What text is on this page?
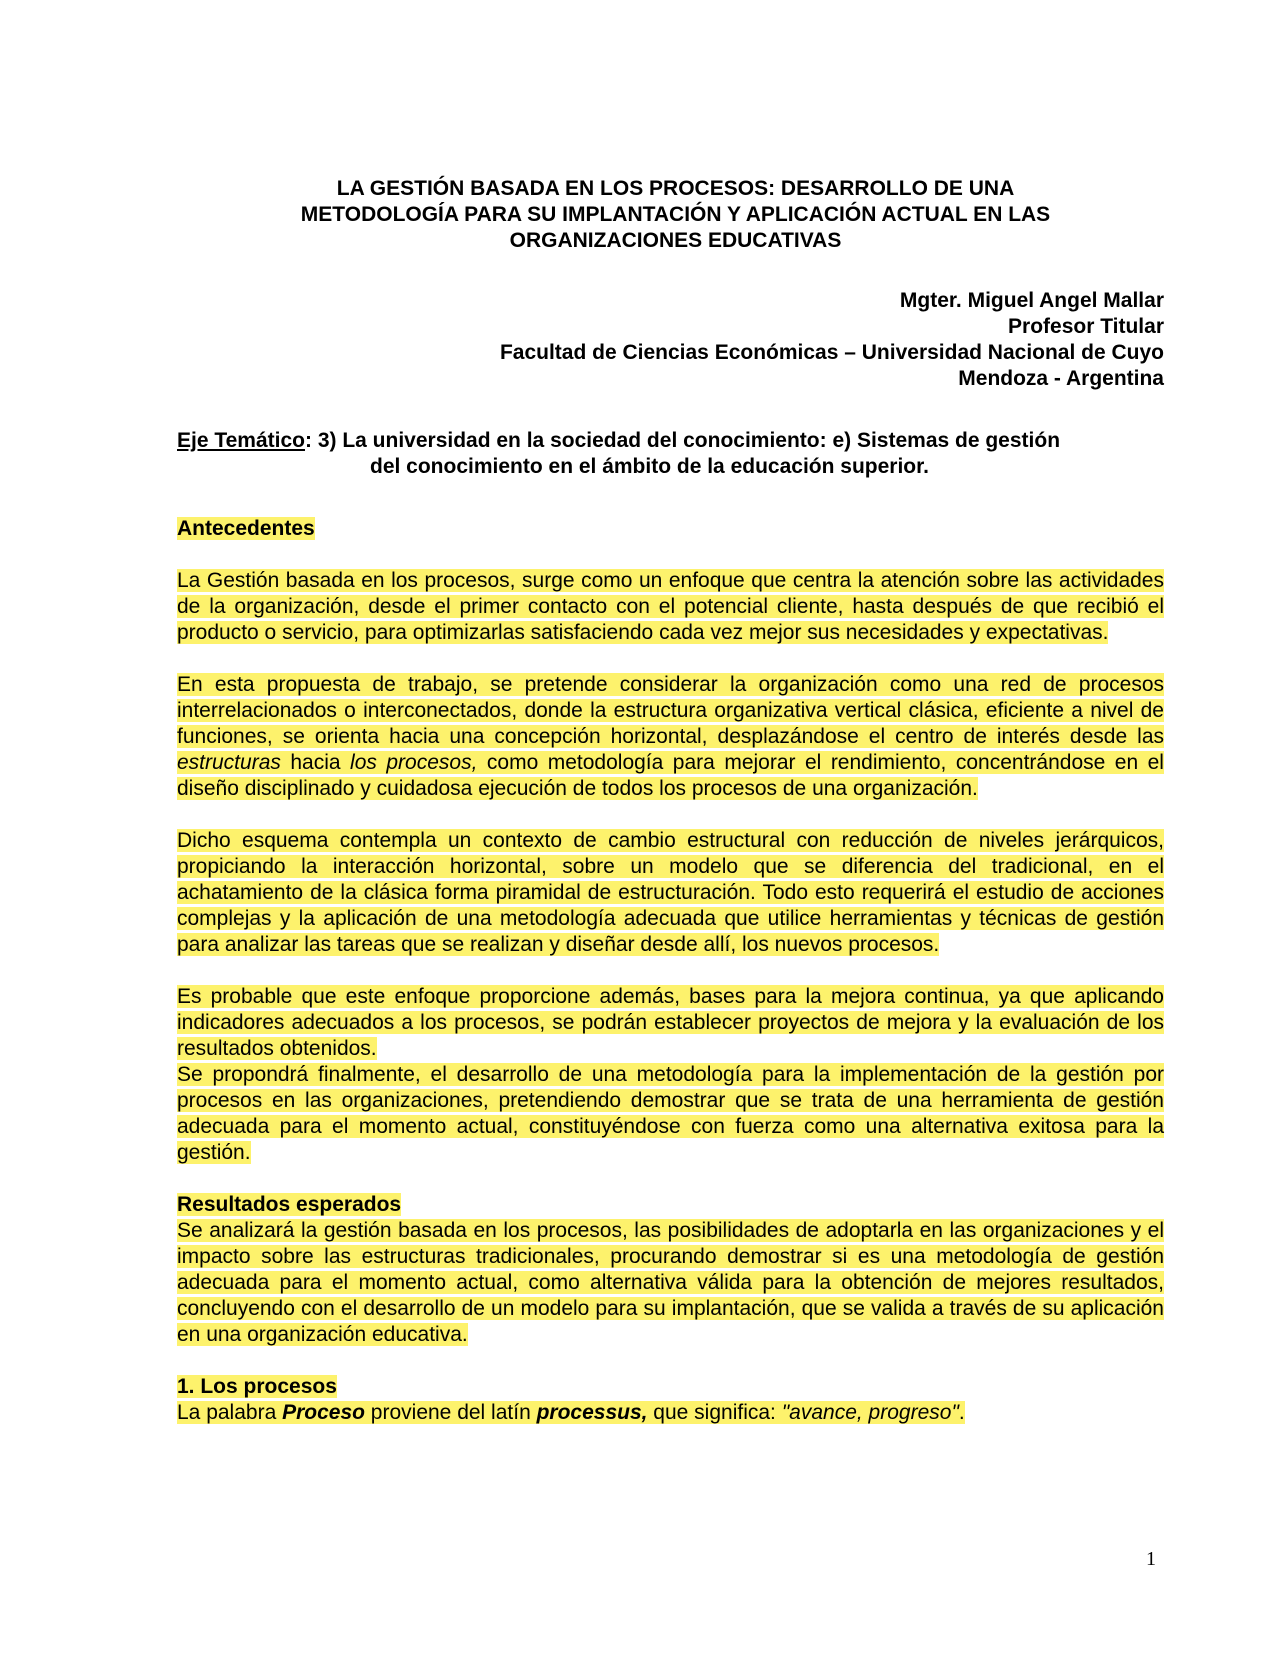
LA GESTIÓN BASADA EN LOS PROCESOS: DESARROLLO DE UNA
METODOLOGÍA PARA SU IMPLANTACIÓN Y APLICACIÓN ACTUAL EN LAS
ORGANIZACIONES EDUCATIVAS
Mgter. Miguel Angel Mallar
Profesor Titular
Facultad de Ciencias Económicas – Universidad Nacional de Cuyo
Mendoza - Argentina
Eje Temático: 3) La universidad en la sociedad del conocimiento: e) Sistemas de gestión
del conocimiento en el ámbito de la educación superior.

Antecedentes

La Gestión basada en los procesos, surge como un enfoque que centra la atención sobre las actividades de la organización, desde el primer contacto con el potencial cliente, hasta después de que recibió el producto o servicio, para optimizarlas satisfaciendo cada vez mejor sus necesidades y expectativas.

En esta propuesta de trabajo, se pretende considerar la organización como una red de procesos interrelacionados o interconectados, donde la estructura organizativa vertical clásica, eficiente a nivel de funciones, se orienta hacia una concepción horizontal, desplazándose el centro de interés desde las estructuras hacia los procesos, como metodología para mejorar el rendimiento, concentrándose en el diseño disciplinado y cuidadosa ejecución de todos los procesos de una organización.

Dicho esquema contempla un contexto de cambio estructural con reducción de niveles jerárquicos, propiciando la interacción horizontal, sobre un modelo que se diferencia del tradicional, en el achatamiento de la clásica forma piramidal de estructuración. Todo esto requerirá el estudio de acciones complejas y la aplicación de una metodología adecuada que utilice herramientas y técnicas de gestión para analizar las tareas que se realizan y diseñar desde allí, los nuevos procesos.

Es probable que este enfoque proporcione además, bases para la mejora continua, ya que aplicando indicadores adecuados a los procesos, se podrán establecer proyectos de mejora y la evaluación de los resultados obtenidos.

Se propondrá finalmente, el desarrollo de una metodología para la implementación de la gestión por procesos en las organizaciones, pretendiendo demostrar que se trata de una herramienta de gestión adecuada para el momento actual, constituyéndose con fuerza como una alternativa exitosa para la gestión.

Resultados esperados

Se analizará la gestión basada en los procesos, las posibilidades de adoptarla en las organizaciones y el impacto sobre las estructuras tradicionales, procurando demostrar si es una metodología de gestión adecuada para el momento actual, como alternativa válida para la obtención de mejores resultados, concluyendo con el desarrollo de un modelo para su implantación, que se valida a través de su aplicación en una organización educativa.

1. Los procesos

La palabra Proceso proviene del latín processus, que significa: "avance, progreso".

1
